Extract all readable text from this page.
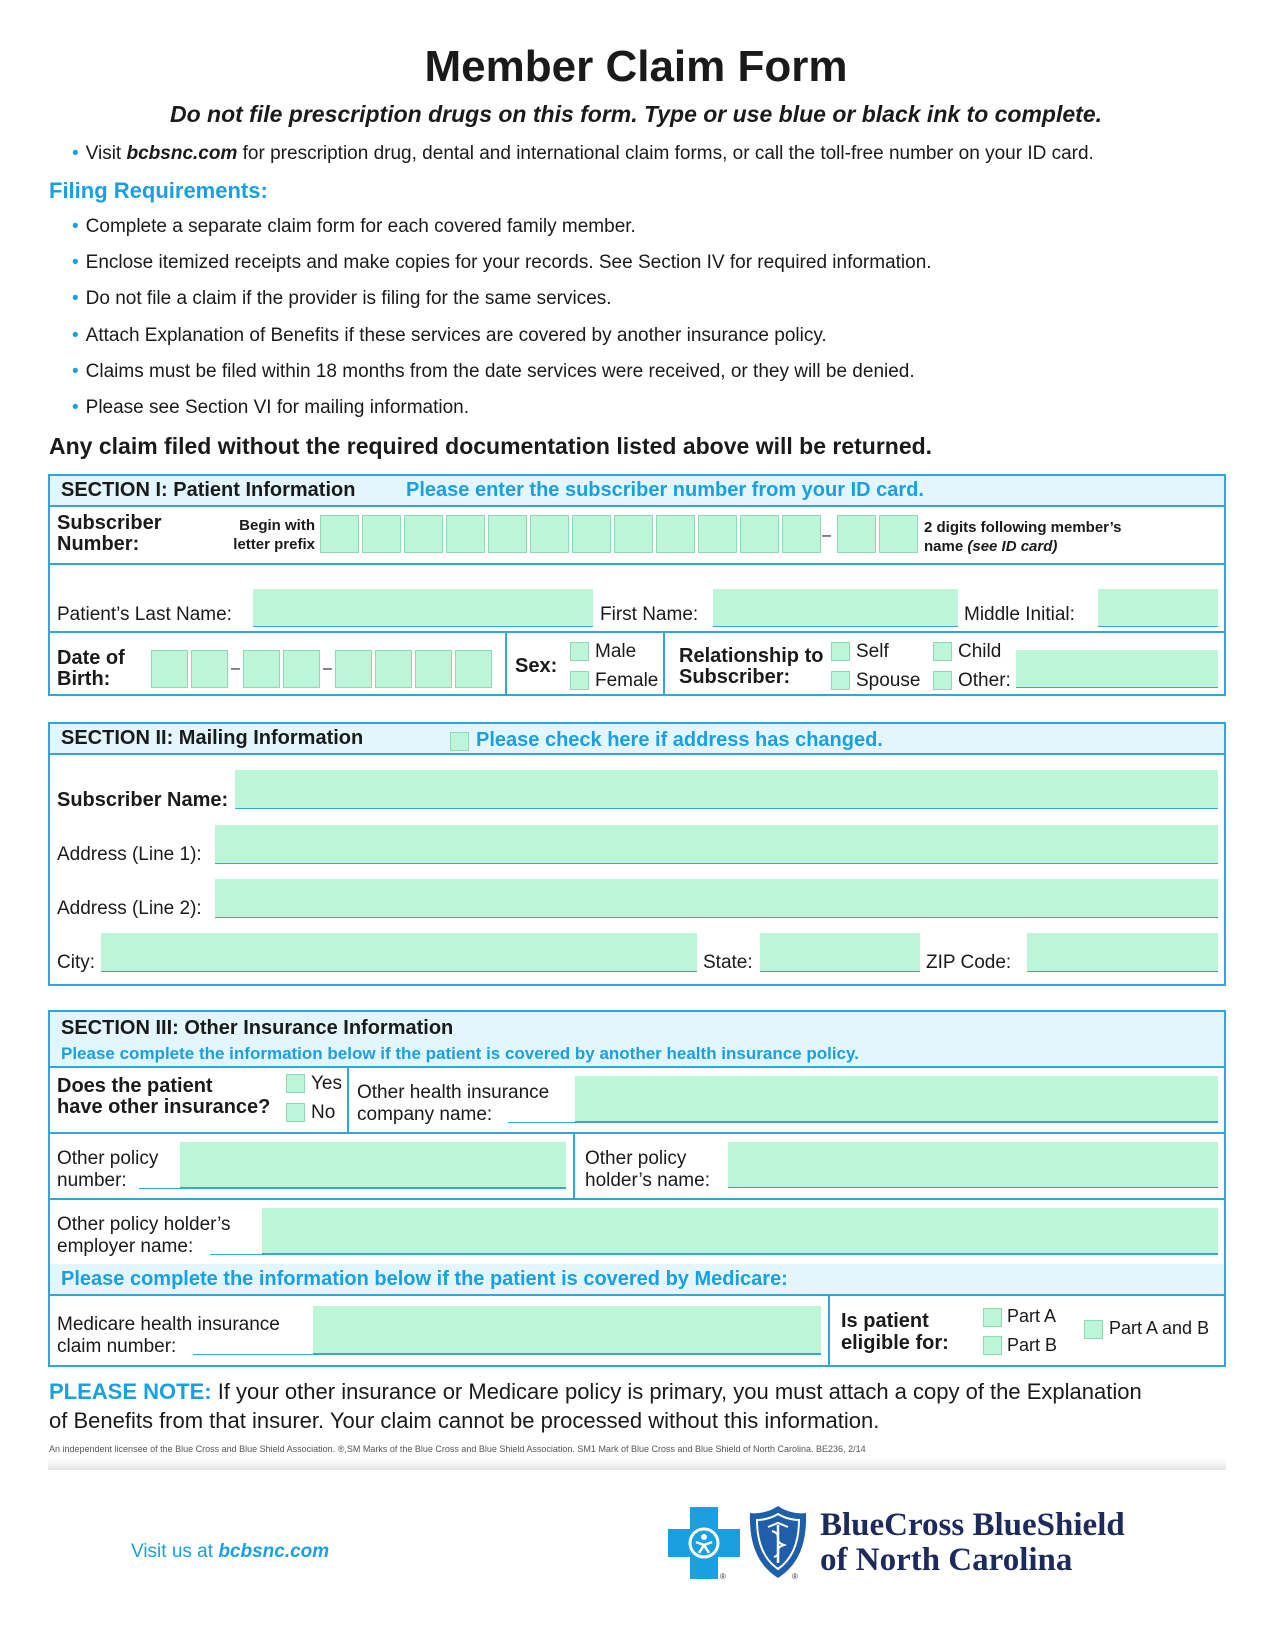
Member Claim Form
Do not file prescription drugs on this form. Type or use blue or black ink to complete.
• Visit bcbsnc.com for prescription drug, dental and international claim forms, or call the toll-free number on your ID card.
Filing Requirements:
• Complete a separate claim form for each covered family member.
• Enclose itemized receipts and make copies for your records. See Section IV for required information.
• Do not file a claim if the provider is filing for the same services.
• Attach Explanation of Benefits if these services are covered by another insurance policy.
• Claims must be filed within 18 months from the date services were received, or they will be denied.
• Please see Section VI for mailing information.
Any claim filed without the required documentation listed above will be returned.
SECTION I: Patient Information	Please enter the subscriber number from your ID card.
Subscriber Number:
Begin with letter prefix
–	2 digits following member’s
name (see ID card)
Patient’s Last Name:	First Name:	Middle Initial:
Date of Birth:	–	–	Sex:
Male
Female
Relationship to Subscriber:
Self
Spouse
Child
Other:
SECTION II: Mailing Information	Please check here if address has changed.
Subscriber Name:
Address (Line 1):
Address (Line 2):
City:	State:	ZIP Code:
SECTION III: Other Insurance Information
Please complete the information below if the patient is covered by another health insurance policy.
Please complete the information below if the patient is covered by Medicare:
Does the patient
have other insurance?
Yes
No
Other health insurance
company name:
Other policy
number:
Other policy
holder’s name:
Other policy holder’s
employer name:
Medicare health insurance
claim number:
Is patient
eligible for:
Part A
Part B
Part A and B
PLEASE NOTE: If your other insurance or Medicare policy is primary, you must attach a copy of the Explanation
of Benefits from that insurer. Your claim cannot be processed without this information.
An independent licensee of the Blue Cross and Blue Shield Association. ®,SM Marks of the Blue Cross and Blue Shield Association. SM1 Mark of Blue Cross and Blue Shield of North Carolina. BE236, 2/14
Visit us at bcbsnc.com
®	®
BlueCross BlueShield
of North Carolina
